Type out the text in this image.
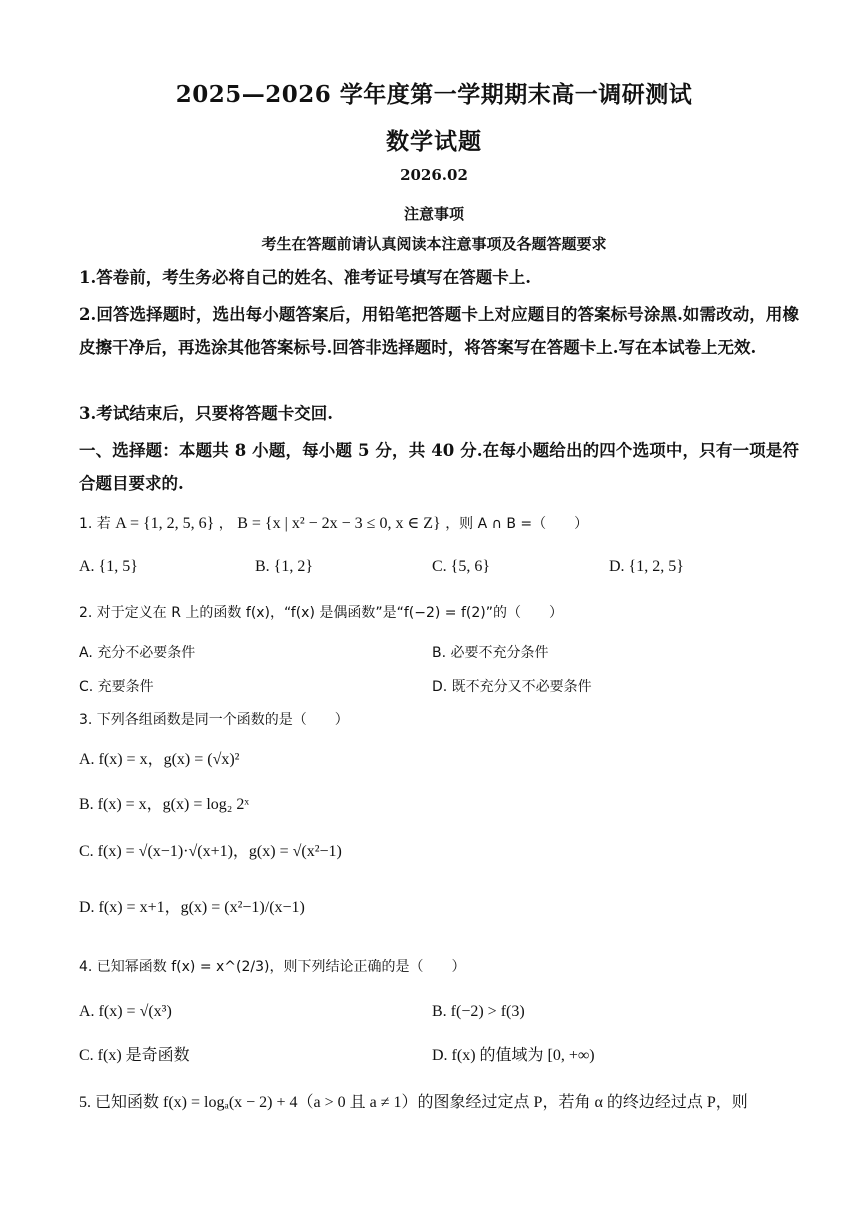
2025—2026 学年度第一学期期末高一调研测试
数学试题
2026.02
注意事项
考生在答题前请认真阅读本注意事项及各题答题要求
1.答卷前，考生务必将自己的姓名、准考证号填写在答题卡上.
2.回答选择题时，选出每小题答案后，用铅笔把答题卡上对应题目的答案标号涂黑.如需改动，用橡皮擦干净后，再选涂其他答案标号.回答非选择题时，将答案写在答题卡上.写在本试卷上无效.
3.考试结束后，只要将答题卡交回.
一、选择题：本题共 8 小题，每小题 5 分，共 40 分.在每小题给出的四个选项中，只有一项是符合题目要求的.
1. 若 A = {1, 2, 5, 6} ， B = {x | x² − 2x − 3 ≤ 0, x ∈ Z} ，则 A ∩ B =（　　）
A. {1, 5}	B. {1, 2}	C. {5, 6}	D. {1, 2, 5}
2. 对于定义在 R 上的函数 f(x)，“f(x) 是偶函数”是“f(−2) = f(2)”的（　　）
A. 充分不必要条件	B. 必要不充分条件
C. 充要条件	D. 既不充分又不必要条件
3. 下列各组函数是同一个函数的是（　　）
A. f(x) = x，g(x) = (√x)²
B. f(x) = x，g(x) = log₂ 2ˣ
C. f(x) = √(x−1)·√(x+1)，g(x) = √(x²−1)
D. f(x) = x+1，g(x) = (x²−1)/(x−1)
4. 已知幂函数 f(x) = x^(2/3)，则下列结论正确的是（　　）
A. f(x) = √(x³)	B. f(−2) > f(3)
C. f(x) 是奇函数	D. f(x) 的值域为 [0, +∞)
5. 已知函数 f(x) = logₐ(x − 2) + 4（a > 0 且 a ≠ 1）的图象经过定点 P，若角 α 的终边经过点 P，则
